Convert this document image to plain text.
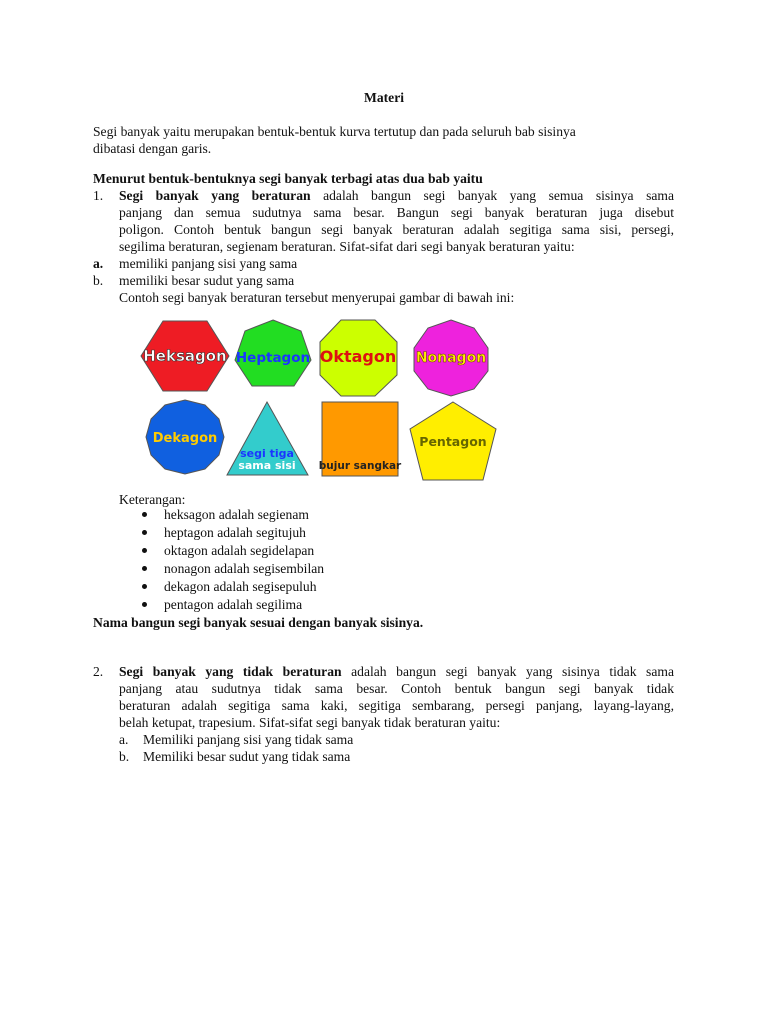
Materi
Segi banyak yaitu merupakan bentuk-bentuk kurva tertutup dan pada seluruh bab sisinya
dibatasi dengan garis.
Menurut bentuk-bentuknya segi banyak terbagi atas dua bab yaitu
1. Segi banyak yang beraturan adalah bangun segi banyak yang semua sisinya sama
panjang dan semua sudutnya sama besar. Bangun segi banyak beraturan juga disebut
poligon. Contoh bentuk bangun segi banyak beraturan adalah segitiga sama sisi, persegi,
segilima beraturan, segienam beraturan. Sifat-sifat dari segi banyak beraturan yaitu:
a. memiliki panjang sisi yang sama
b. memiliki besar sudut yang sama
Contoh segi banyak beraturan tersebut menyerupai gambar di bawah ini:
Heksagon Heptagon Oktagon Nonagon
Dekagon
segi tiga
sama sisi bujur sangkar
Pentagon
Keterangan:
heksagon adalah segienam
heptagon adalah segitujuh
oktagon adalah segidelapan
nonagon adalah segisembilan
dekagon adalah segisepuluh
pentagon adalah segilima
Nama bangun segi banyak sesuai dengan banyak sisinya.
2. Segi banyak yang tidak beraturan adalah bangun segi banyak yang sisinya tidak sama
panjang atau sudutnya tidak sama besar. Contoh bentuk bangun segi banyak tidak
beraturan adalah segitiga sama kaki, segitiga sembarang, persegi panjang, layang-layang,
belah ketupat, trapesium. Sifat-sifat segi banyak tidak beraturan yaitu:
a. Memiliki panjang sisi yang tidak sama
b. Memiliki besar sudut yang tidak sama
